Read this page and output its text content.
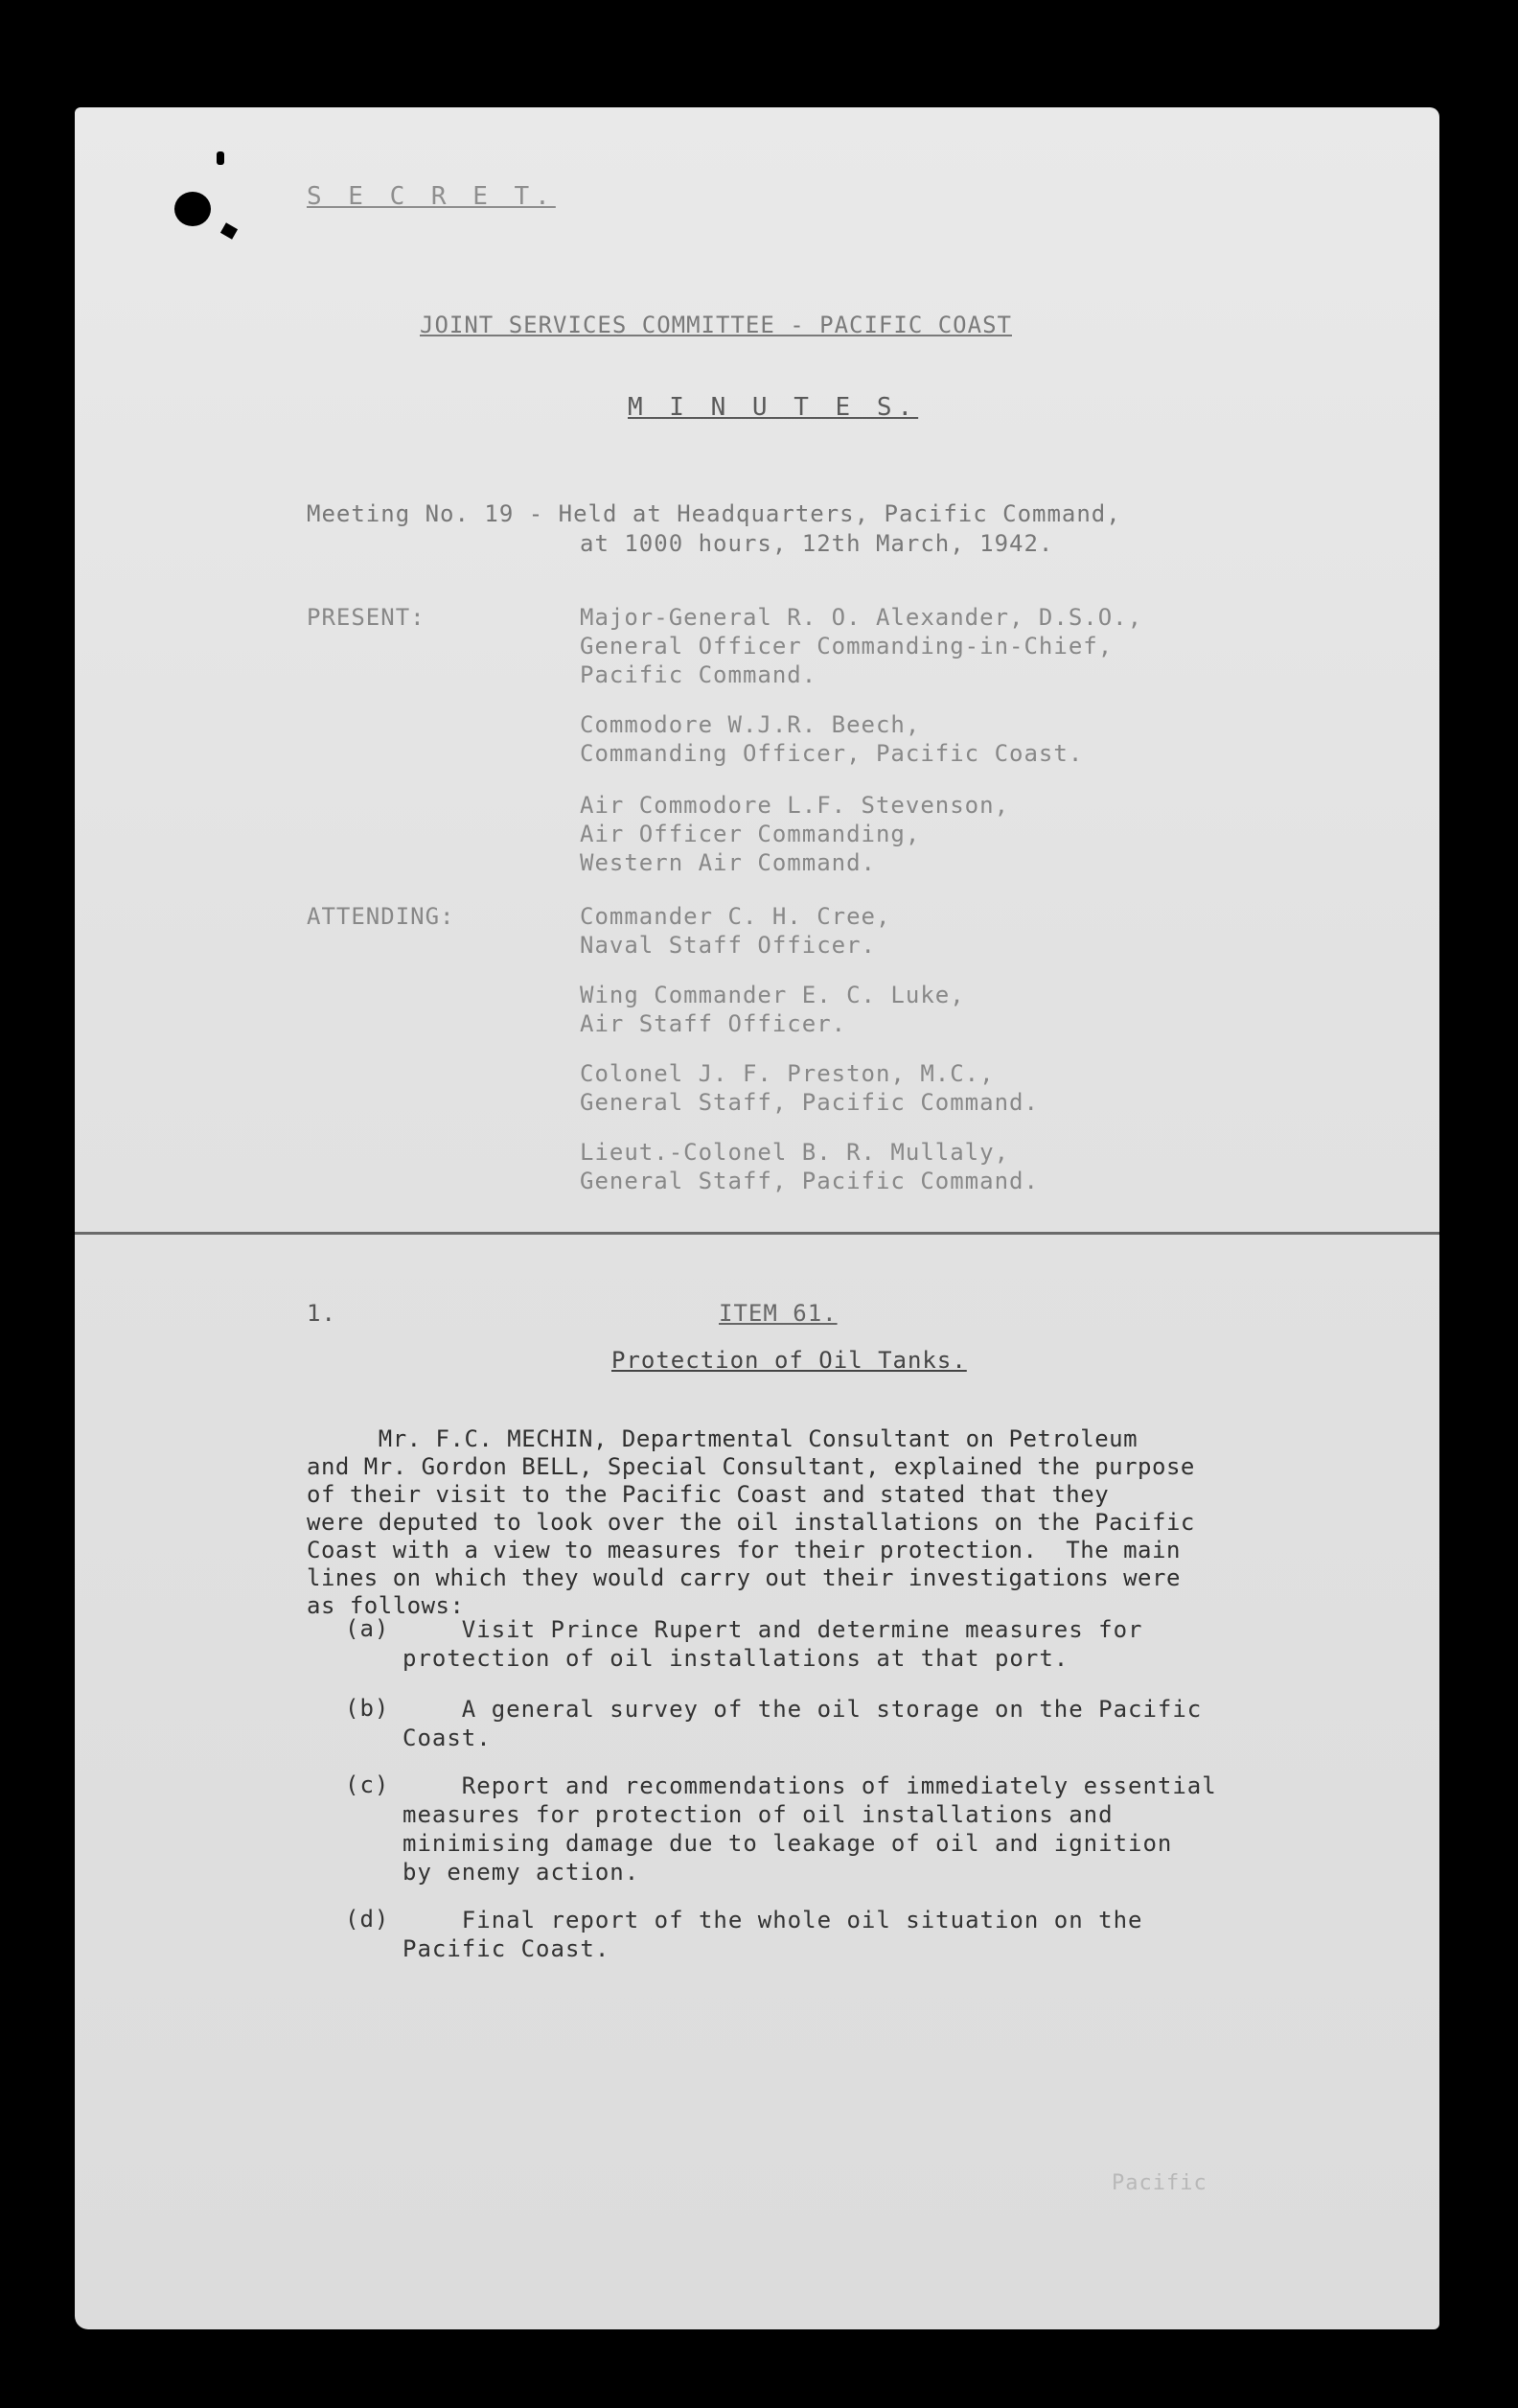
S E C R E T.
JOINT SERVICES COMMITTEE - PACIFIC COAST
M I N U T E S.
Meeting No. 19 - Held at Headquarters, Pacific Command,
at 1000 hours, 12th March, 1942.
PRESENT:	Major-General R. O. Alexander, D.S.O.,
General Officer Commanding-in-Chief,
Pacific Command.
Commodore W.J.R. Beech,
Commanding Officer, Pacific Coast.
Air Commodore L.F. Stevenson,
Air Officer Commanding,
Western Air Command.
ATTENDING:	Commander C. H. Cree,
Naval Staff Officer.
Wing Commander E. C. Luke,
Air Staff Officer.
Colonel J. F. Preston, M.C.,
General Staff, Pacific Command.
Lieut.-Colonel B. R. Mullaly,
General Staff, Pacific Command.
1.	ITEM 61.
Protection of Oil Tanks.

Mr. F.C. MECHIN, Departmental Consultant on Petroleum
and Mr. Gordon BELL, Special Consultant, explained the purpose
of their visit to the Pacific Coast and stated that they
were deputed to look over the oil installations on the Pacific
Coast with a view to measures for their protection.  The main
lines on which they would carry out their investigations were
as follows:

(a) Visit Prince Rupert and determine measures for
protection of oil installations at that port.
(b) A general survey of the oil storage on the Pacific
Coast.
(c) Report and recommendations of immediately essential
measures for protection of oil installations and
minimising damage due to leakage of oil and ignition
by enemy action.
(d) Final report of the whole oil situation on the
Pacific Coast.
Pacific
